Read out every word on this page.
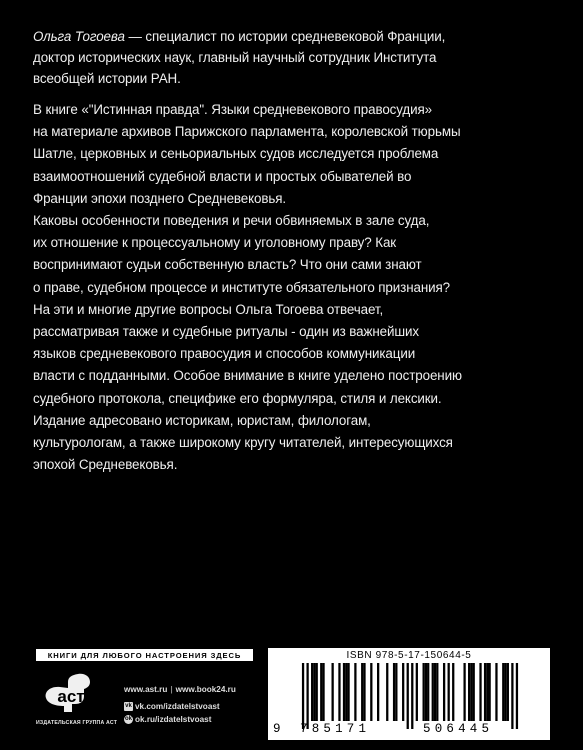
Ольга Тогоева — специалист по истории средневековой Франции,
доктор исторических наук, главный научный сотрудник Института
всеобщей истории РАН.
В книге «"Истинная правда". Языки средневекового правосудия»
на материале архивов Парижского парламента, королевской тюрьмы
Шатле, церковных и сеньориальных судов исследуется проблема
взаимоотношений судебной власти и простых обывателей во
Франции эпохи позднего Средневековья.
Каковы особенности поведения и речи обвиняемых в зале суда,
их отношение к процессуальному и уголовному праву? Как
воспринимают судьи собственную власть? Что они сами знают
о праве, судебном процессе и институте обязательного признания?
На эти и многие другие вопросы Ольга Тогоева отвечает,
рассматривая также и судебные ритуалы - один из важнейших
языков средневекового правосудия и способов коммуникации
власти с подданными. Особое внимание в книге уделено построению
судебного протокола, специфике его формуляра, стиля и лексики.
Издание адресовано историкам, юристам, филологам,
культурологам, а также широкому кругу читателей, интересующихся
эпохой Средневековья.
КНИГИ ДЛЯ ЛЮБОГО НАСТРОЕНИЯ ЗДЕСЬ
аст
ИЗДАТЕЛЬСКАЯ ГРУППА АСТ
www.ast.ru | www.book24.ru
vk vk.com/ izdatelstvoast
ok ok.ru/ izdatelstvoast
ISBN 978-5-17-150644-5
9 785171	506445
